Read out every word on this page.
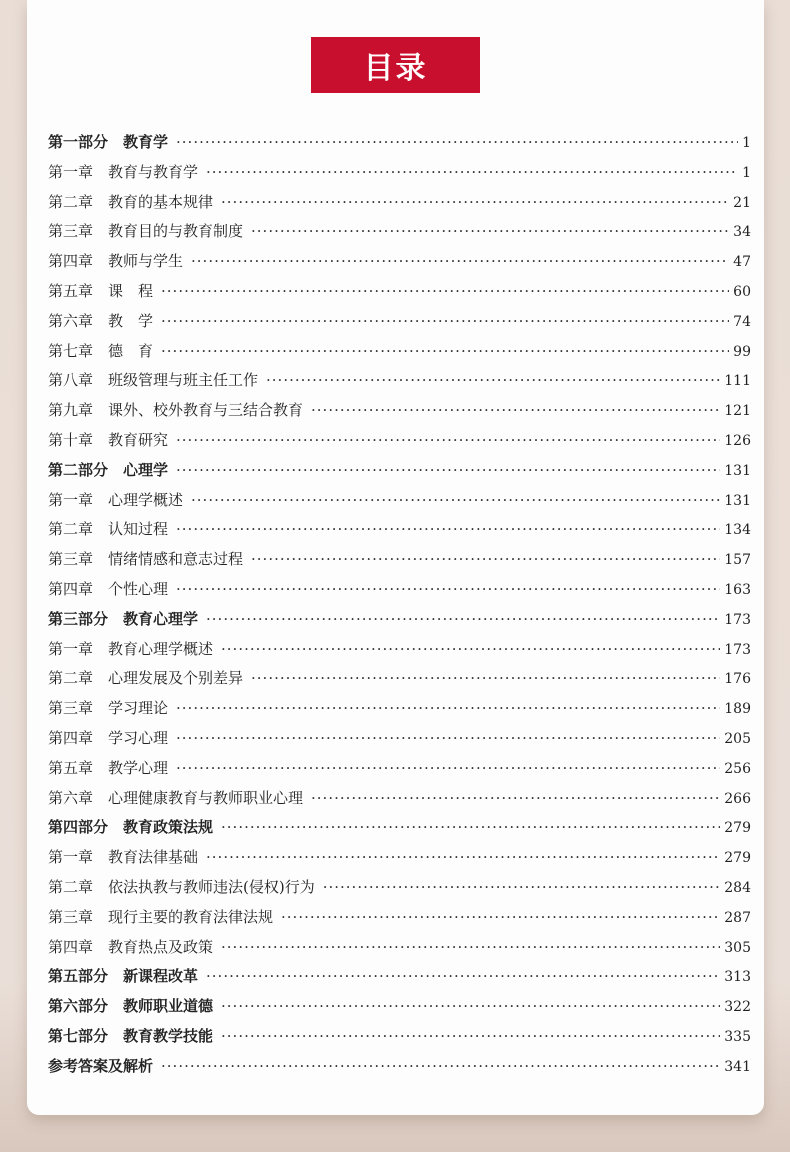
目录
第一部分　教育学 ·····	1
第一章　教育与教育学 ·····	1
第二章　教育的基本规律 ·····	21
第三章　教育目的与教育制度 ·····	34
第四章　教师与学生 ·····	47
第五章　课　程 ·····	60
第六章　教　学 ·····	74
第七章　德　育 ·····	99
第八章　班级管理与班主任工作 ·····	111
第九章　课外、校外教育与三结合教育 ·····	121
第十章　教育研究 ·····	126
第二部分　心理学 ·····	131
第一章　心理学概述 ·····	131
第二章　认知过程 ·····	134
第三章　情绪情感和意志过程 ·····	157
第四章　个性心理 ·····	163
第三部分　教育心理学 ·····	173
第一章　教育心理学概述 ·····	173
第二章　心理发展及个别差异 ·····	176
第三章　学习理论 ·····	189
第四章　学习心理 ·····	205
第五章　教学心理 ·····	256
第六章　心理健康教育与教师职业心理 ·····	266
第四部分　教育政策法规 ·····	279
第一章　教育法律基础 ·····	279
第二章　依法执教与教师违法(侵权)行为 ·····	284
第三章　现行主要的教育法律法规 ·····	287
第四章　教育热点及政策 ·····	305
第五部分　新课程改革 ·····	313
第六部分　教师职业道德 ·····	322
第七部分　教育教学技能 ·····	335
参考答案及解析 ·····	341
